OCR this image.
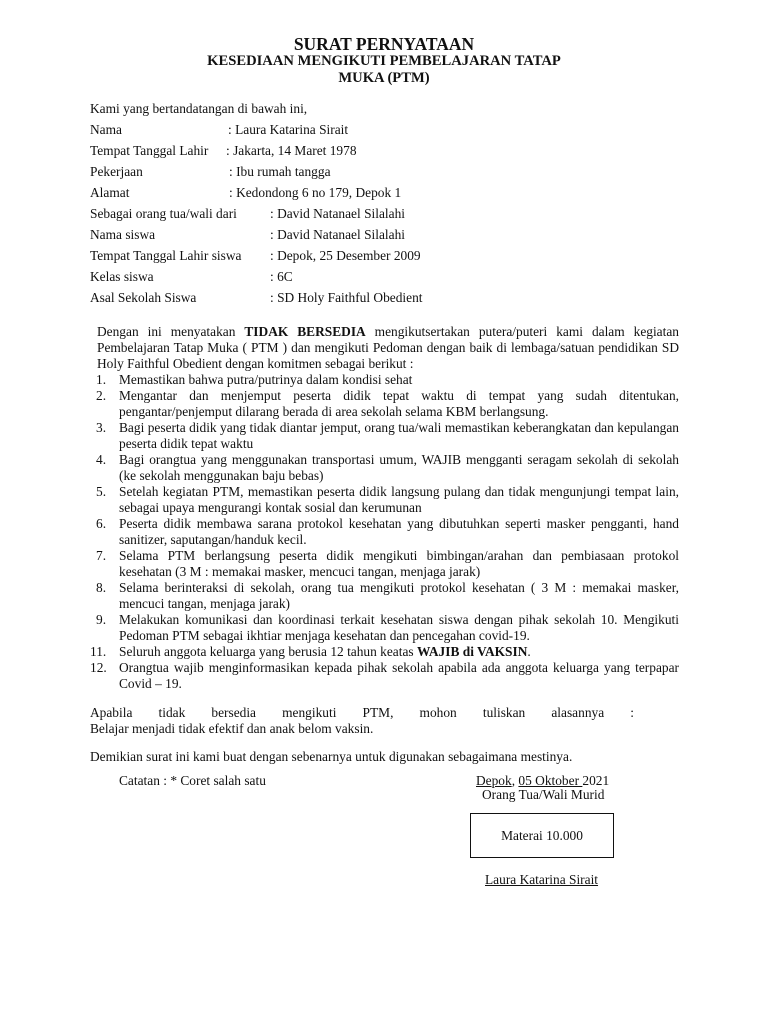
SURAT PERNYATAAN
KESEDIAAN MENGIKUTI PEMBELAJARAN TATAP
MUKA (PTM)
Kami yang bertandatangan di bawah ini,
Nama	: Laura Katarina Sirait
Tempat Tanggal Lahir : Jakarta, 14 Maret 1978
Pekerjaan	: Ibu rumah tangga
Alamat	: Kedondong 6 no 179, Depok 1
Sebagai orang tua/wali dari : David Natanael Silalahi
Nama siswa	: David Natanael Silalahi
Tempat Tanggal Lahir siswa : Depok, 25 Desember 2009
Kelas siswa	: 6C
Asal Sekolah Siswa	: SD Holy Faithful Obedient
Dengan ini menyatakan TIDAK BERSEDIA mengikutsertakan putera/puteri kami dalam kegiatan Pembelajaran Tatap Muka ( PTM ) dan mengikuti Pedoman dengan baik di lembaga/satuan pendidikan SD Holy Faithful Obedient dengan komitmen sebagai berikut :
1. Memastikan bahwa putra/putrinya dalam kondisi sehat
2. Mengantar dan menjemput peserta didik tepat waktu di tempat yang sudah ditentukan, pengantar/penjemput dilarang berada di area sekolah selama KBM berlangsung.
3. Bagi peserta didik yang tidak diantar jemput, orang tua/wali memastikan keberangkatan dan kepulangan peserta didik tepat waktu
4. Bagi orangtua yang menggunakan transportasi umum, WAJIB mengganti seragam sekolah di sekolah (ke sekolah menggunakan baju bebas)
5. Setelah kegiatan PTM, memastikan peserta didik langsung pulang dan tidak mengunjungi tempat lain, sebagai upaya mengurangi kontak sosial dan kerumunan
6. Peserta didik membawa sarana protokol kesehatan yang dibutuhkan seperti masker pengganti, hand sanitizer, saputangan/handuk kecil.
7. Selama PTM berlangsung peserta didik mengikuti bimbingan/arahan dan pembiasaan protokol kesehatan (3 M : memakai masker, mencuci tangan, menjaga jarak)
8. Selama berinteraksi di sekolah, orang tua mengikuti protokol kesehatan ( 3 M : memakai masker, mencuci tangan, menjaga jarak)
9. Melakukan komunikasi dan koordinasi terkait kesehatan siswa dengan pihak sekolah 10. Mengikuti Pedoman PTM sebagai ikhtiar menjaga kesehatan dan pencegahan covid-19.
11. Seluruh anggota keluarga yang berusia 12 tahun keatas WAJIB di VAKSIN.
12. Orangtua wajib menginformasikan kepada pihak sekolah apabila ada anggota keluarga yang terpapar Covid – 19.
Apabila tidak bersedia mengikuti PTM, mohon tuliskan alasannya :
Belajar menjadi tidak efektif dan anak belom vaksin.
Demikian surat ini kami buat dengan sebenarnya untuk digunakan sebagaimana mestinya.
Catatan : * Coret salah satu	Depok, 05 Oktober 2021
Orang Tua/Wali Murid
Materai 10.000
Laura Katarina Sirait
